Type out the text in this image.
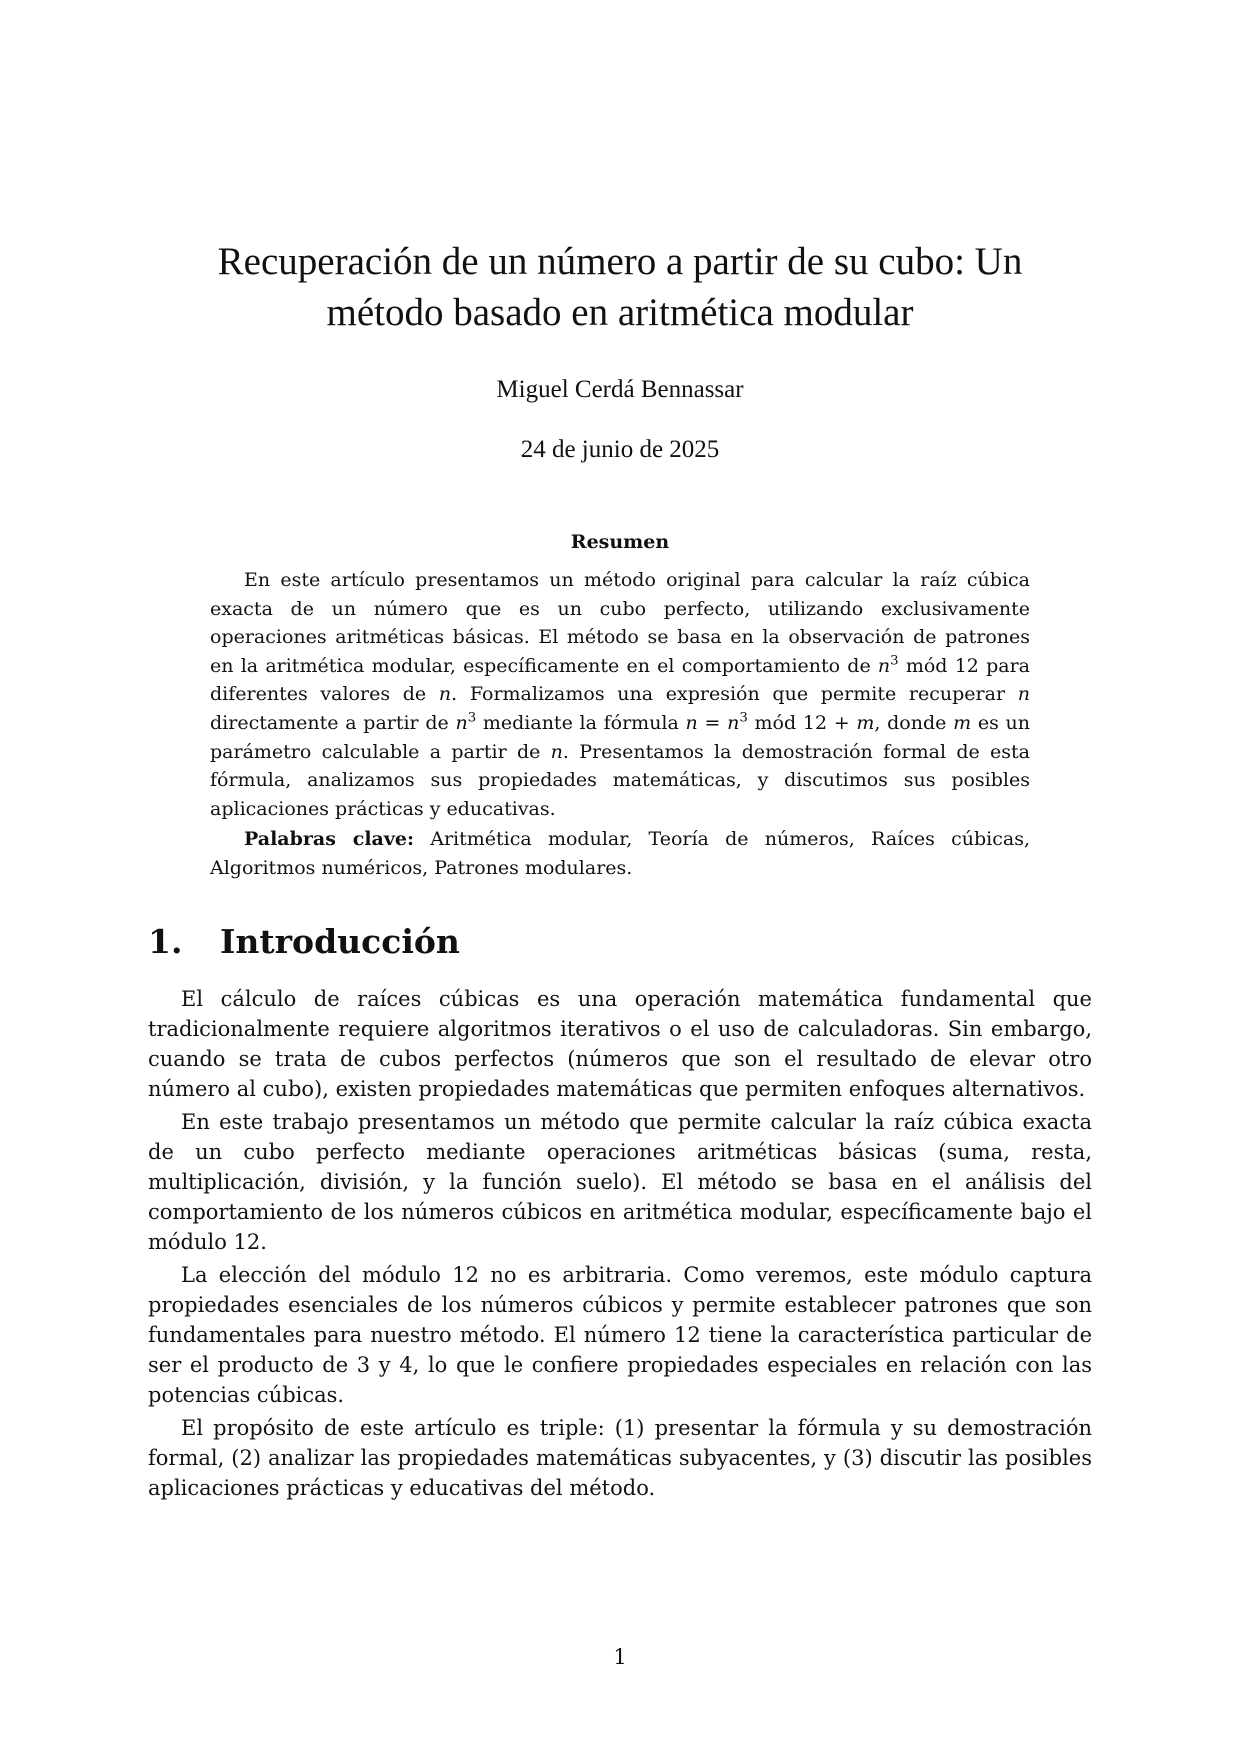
Recuperación de un número a partir de su cubo: Un
método basado en aritmética modular
Miguel Cerdá Bennassar
24 de junio de 2025
Resumen

En este artículo presentamos un método original para calcular la raíz cúbica exacta de un número que es un cubo perfecto, utilizando exclusivamente operaciones aritméticas básicas. El método se basa en la observación de patrones en la aritmética modular, específicamente en el comportamiento de $n^3$ mód 12 para diferentes valores de n. Formalizamos una expresión que permite recuperar n directamente a partir de $n^3$ mediante la fórmula $n = n^3$ mód 12 + m, donde m es un parámetro calculable a partir de n. Presentamos la demostración formal de esta fórmula, analizamos sus propiedades matemáticas, y discutimos sus posibles aplicaciones prácticas y educativas.

Palabras clave: Aritmética modular, Teoría de números, Raíces cúbicas, Algoritmos numéricos, Patrones modulares.

1. Introducción

El cálculo de raíces cúbicas es una operación matemática fundamental que tradicionalmente requiere algoritmos iterativos o el uso de calculadoras. Sin embargo, cuando se trata de cubos perfectos (números que son el resultado de elevar otro número al cubo), existen propiedades matemáticas que permiten enfoques alternativos.

En este trabajo presentamos un método que permite calcular la raíz cúbica exacta de un cubo perfecto mediante operaciones aritméticas básicas (suma, resta, multiplicación, división, y la función suelo). El método se basa en el análisis del comportamiento de los números cúbicos en aritmética modular, específicamente bajo el módulo 12.

La elección del módulo 12 no es arbitraria. Como veremos, este módulo captura propiedades esenciales de los números cúbicos y permite establecer patrones que son fundamentales para nuestro método. El número 12 tiene la característica particular de ser el producto de 3 y 4, lo que le confiere propiedades especiales en relación con las potencias cúbicas.

El propósito de este artículo es triple: (1) presentar la fórmula y su demostración formal, (2) analizar las propiedades matemáticas subyacentes, y (3) discutir las posibles aplicaciones prácticas y educativas del método.

1
